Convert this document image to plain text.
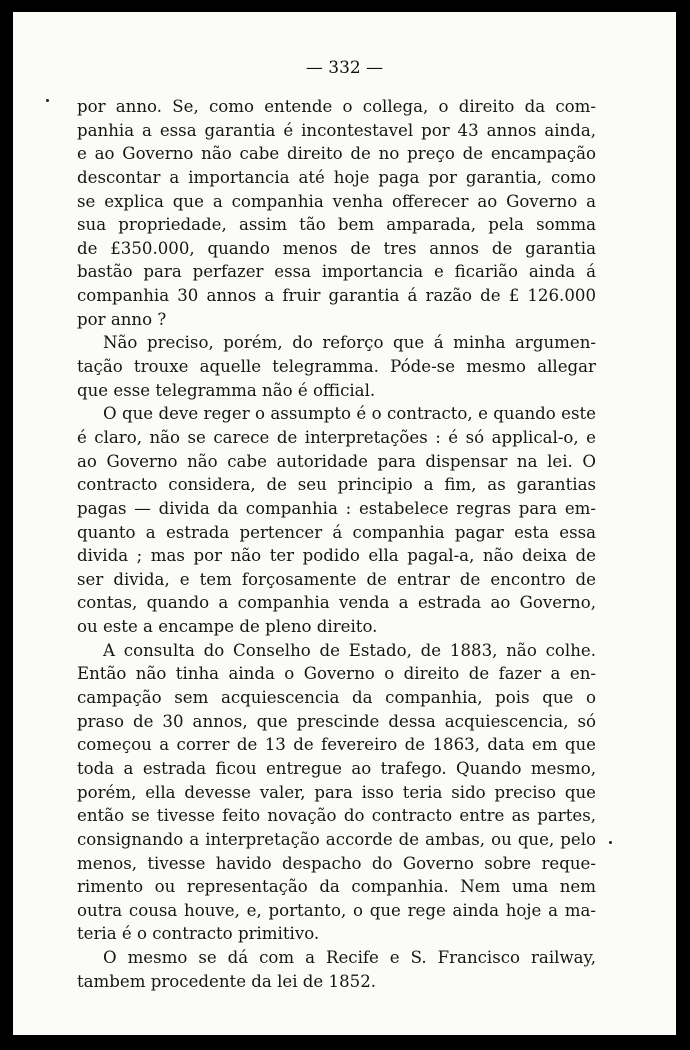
— 332 —
por anno. Se, como entende o collega, o direito da com-
panhia a essa garantia é incontestavel por 43 annos ainda,
e ao Governo não cabe direito de no preço de encampação
descontar a importancia até hoje paga por garantia, como
se explica que a companhia venha offerecer ao Governo a
sua propriedade, assim tão bem amparada, pela somma
de £350.000, quando menos de tres annos de garantia
bastão para perfazer essa importancia e ficarião ainda á
companhia 30 annos a fruir garantia á razão de £ 126.000
por anno ?
Não preciso, porém, do reforço que á minha argumen-
tação trouxe aquelle telegramma. Póde-se mesmo allegar
que esse telegramma não é official.
O que deve reger o assumpto é o contracto, e quando este
é claro, não se carece de interpretações : é só applical-o, e
ao Governo não cabe autoridade para dispensar na lei. O
contracto considera, de seu principio a fim, as garantias
pagas — divida da companhia : estabelece regras para em-
quanto a estrada pertencer á companhia pagar esta essa
divida ; mas por não ter podido ella pagal-a, não deixa de
ser divida, e tem forçosamente de entrar de encontro de
contas, quando a companhia venda a estrada ao Governo,
ou este a encampe de pleno direito.
A consulta do Conselho de Estado, de 1883, não colhe.
Então não tinha ainda o Governo o direito de fazer a en-
campação sem acquiescencia da companhia, pois que o
praso de 30 annos, que prescinde dessa acquiescencia, só
começou a correr de 13 de fevereiro de 1863, data em que
toda a estrada ficou entregue ao trafego. Quando mesmo,
porém, ella devesse valer, para isso teria sido preciso que
então se tivesse feito novação do contracto entre as partes,
consignando a interpretação accorde de ambas, ou que, pelo
menos, tivesse havido despacho do Governo sobre reque-
rimento ou representação da companhia. Nem uma nem
outra cousa houve, e, portanto, o que rege ainda hoje a ma-
teria é o contracto primitivo.
O mesmo se dá com a Recife e S. Francisco railway,
tambem procedente da lei de 1852.
